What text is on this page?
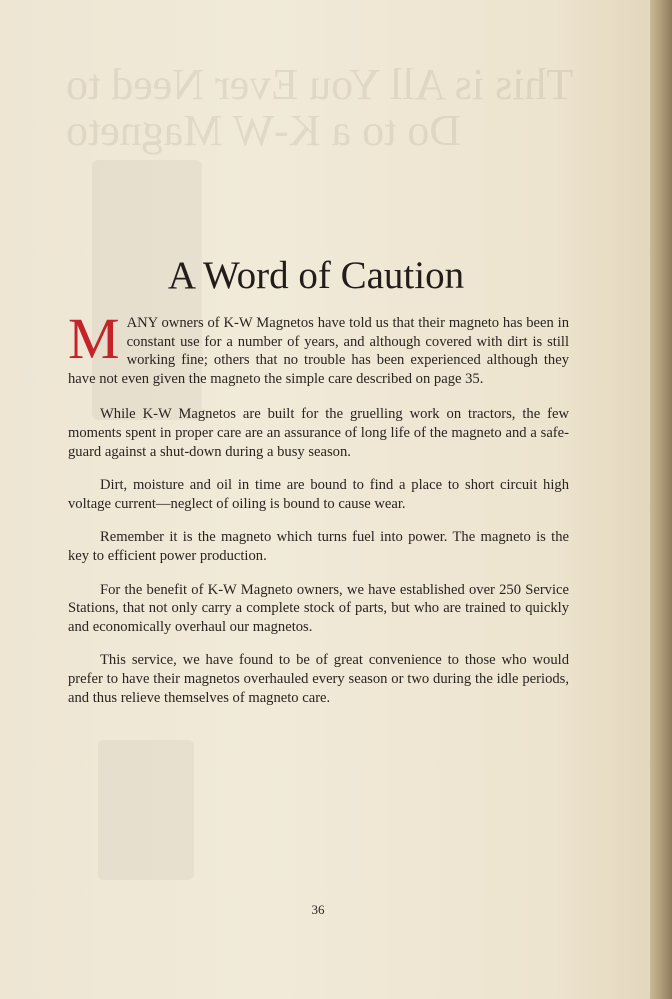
This is All You Ever Need to
Do to a K-W Magneto
A Word of Caution

MANY owners of K-W Magnetos have told us that their magneto has been in constant use for a number of years, and although covered with dirt is still working fine; others that no trouble has been experienced although they have not even given the magneto the simple care described on page 35.

While K-W Magnetos are built for the gruelling work on tractors, the few moments spent in proper care are an assurance of long life of the magneto and a safe-guard against a shut-down during a busy season.

Dirt, moisture and oil in time are bound to find a place to short circuit high voltage current—neglect of oiling is bound to cause wear.

Remember it is the magneto which turns fuel into power. The magneto is the key to efficient power production.

For the benefit of K-W Magneto owners, we have established over 250 Service Stations, that not only carry a complete stock of parts, but who are trained to quickly and economically overhaul our magnetos.

This service, we have found to be of great convenience to those who would prefer to have their magnetos overhauled every season or two during the idle periods, and thus relieve themselves of magneto care.

36
